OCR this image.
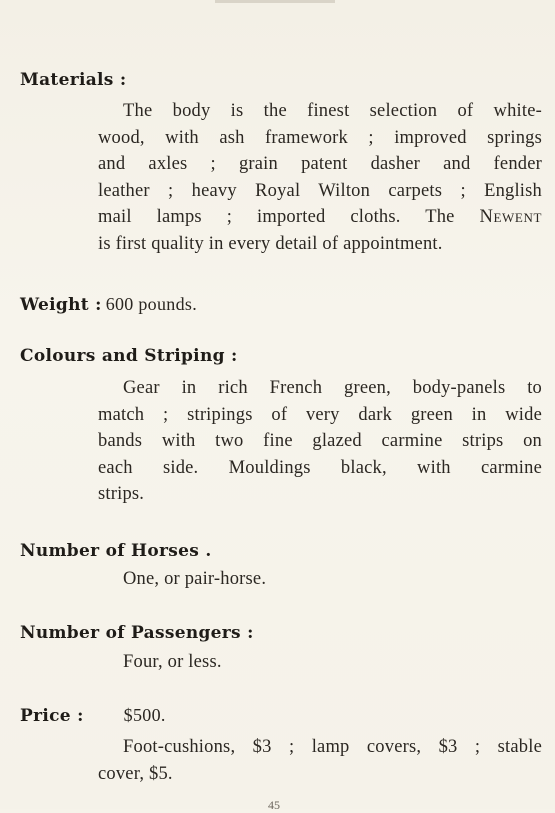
Materials :
The body is the finest selection of white-
wood, with ash framework ; improved springs
and axles ; grain patent dasher and fender
leather ; heavy Royal Wilton carpets ; English
mail lamps ; imported cloths. The Newent
is first quality in every detail of appointment.
Weight : 600 pounds.
Colours and Striping :
Gear in rich French green, body-panels to
match ; stripings of very dark green in wide
bands with two fine glazed carmine strips on
each side. Mouldings black, with carmine
strips.
Number of Horses .
One, or pair-horse.
Number of Passengers :
Four, or less.
Price : $500.
Foot-cushions, $3 ; lamp covers, $3 ; stable
cover, $5.
45
